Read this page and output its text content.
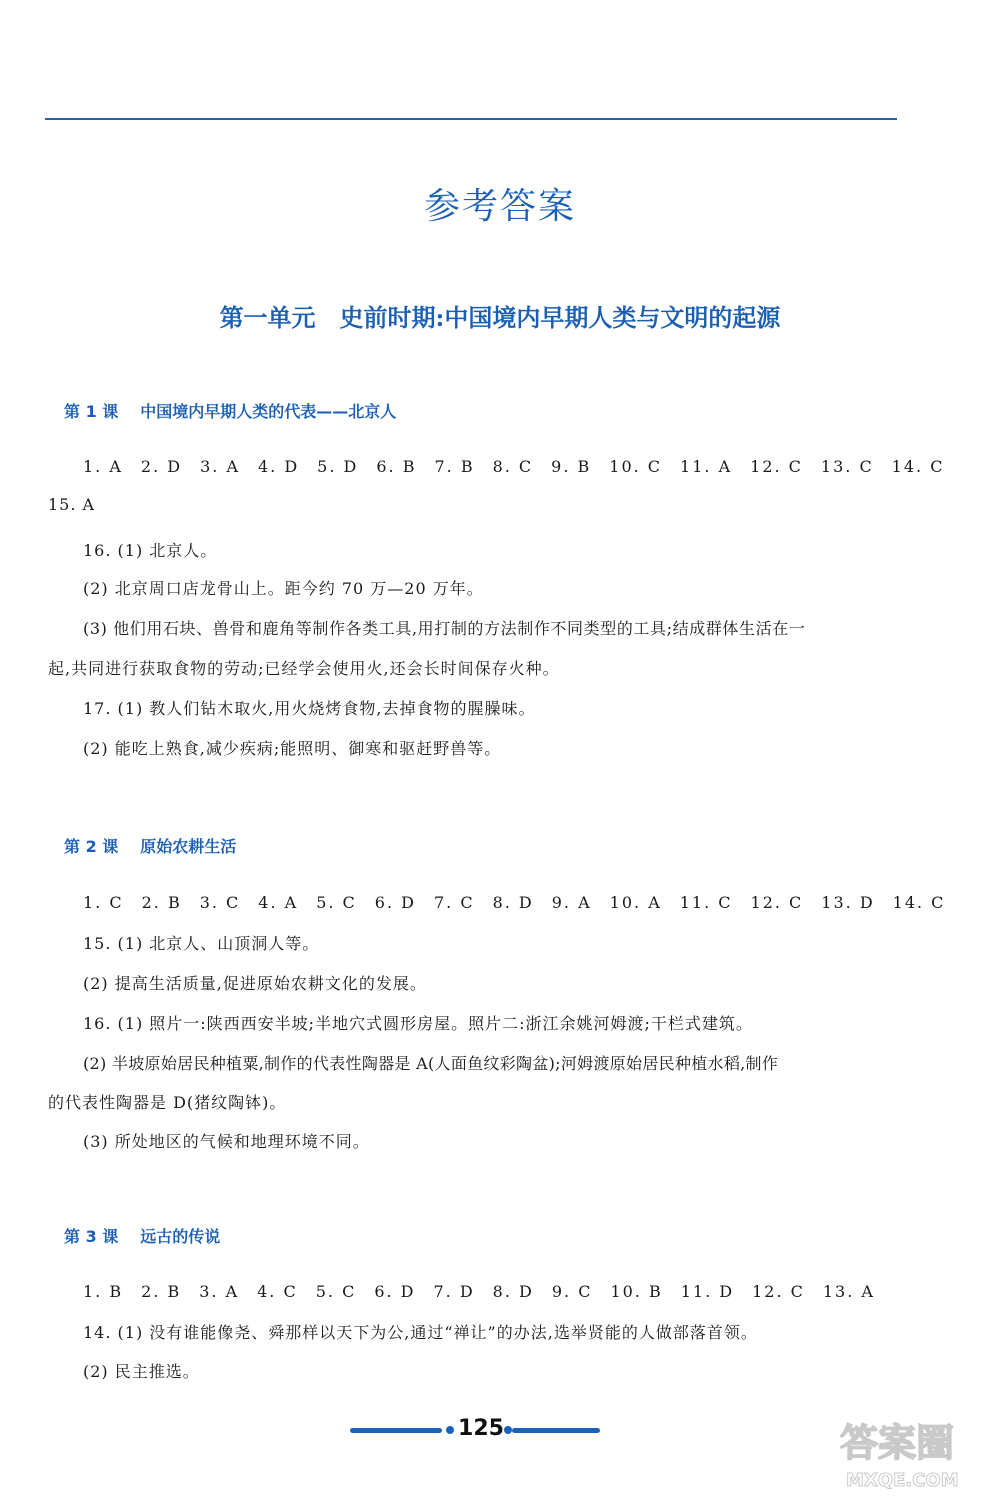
参考答案
第一单元　史前时期:中国境内早期人类与文明的起源
第 1 课 中国境内早期人类的代表——北京人
1. A　2. D　3. A　4. D　5. D　6. B　7. B　8. C　9. B　10. C　11. A　12. C　13. C　14. C
15. A
16. (1) 北京人。
(2) 北京周口店龙骨山上。距今约 70 万—20 万年。
(3) 他们用石块、兽骨和鹿角等制作各类工具,用打制的方法制作不同类型的工具;结成群体生活在一
起,共同进行获取食物的劳动;已经学会使用火,还会长时间保存火种。
17. (1) 教人们钻木取火,用火烧烤食物,去掉食物的腥臊味。
(2) 能吃上熟食,减少疾病;能照明、御寒和驱赶野兽等。
第 2 课 原始农耕生活
1. C　2. B　3. C　4. A　5. C　6. D　7. C　8. D　9. A　10. A　11. C　12. C　13. D　14. C
15. (1) 北京人、山顶洞人等。
(2) 提高生活质量,促进原始农耕文化的发展。
16. (1) 照片一:陕西西安半坡;半地穴式圆形房屋。照片二:浙江余姚河姆渡;干栏式建筑。
(2) 半坡原始居民种植粟,制作的代表性陶器是 A(人面鱼纹彩陶盆);河姆渡原始居民种植水稻,制作
的代表性陶器是 D(猪纹陶钵)。
(3) 所处地区的气候和地理环境不同。
第 3 课 远古的传说
1. B　2. B　3. A　4. C　5. C　6. D　7. D　8. D　9. C　10. B　11. D　12. C　13. A
14. (1) 没有谁能像尧、舜那样以天下为公,通过“禅让”的办法,选举贤能的人做部落首领。
(2) 民主推选。
125	答案圈
MXQE.COM
